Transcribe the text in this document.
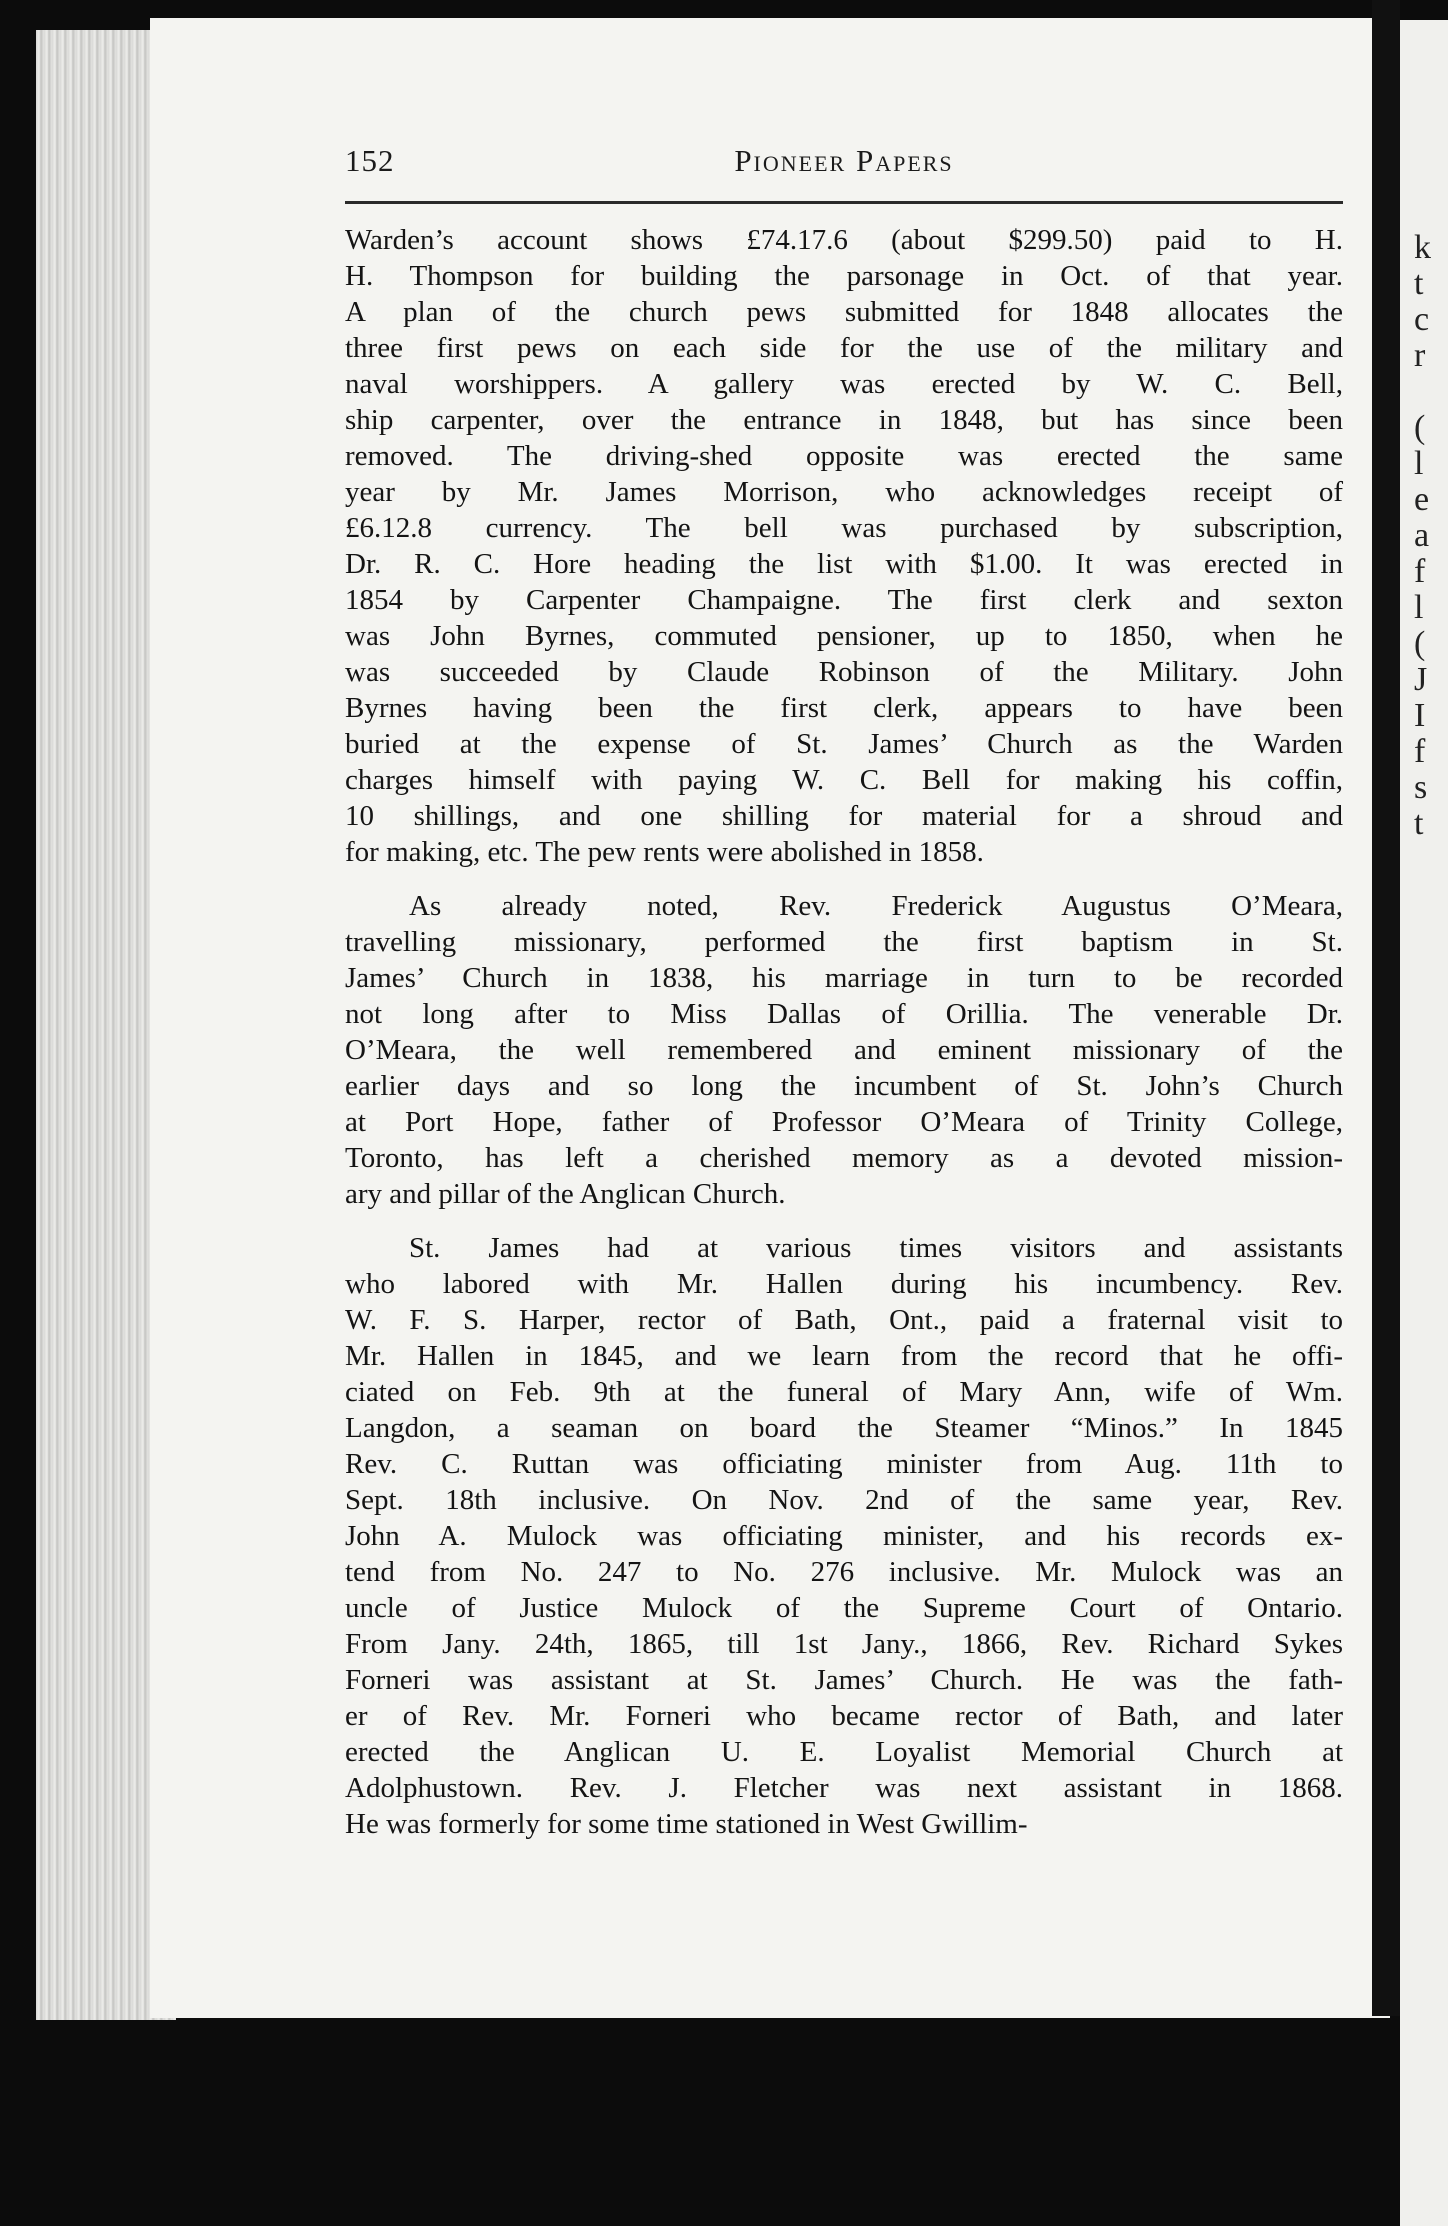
k
t
c
r

(
l
e
a
f
l
(
J
I
f
s
t
152	Pioneer Papers
Warden’s account shows £74.17.6 (about $299.50) paid to H.
H. Thompson for building the parsonage in Oct. of that year.
A plan of the church pews submitted for 1848 allocates the
three first pews on each side for the use of the military and
naval worshippers. A gallery was erected by W. C. Bell,
ship carpenter, over the entrance in 1848, but has since been
removed. The driving-shed opposite was erected the same
year by Mr. James Morrison, who acknowledges receipt of
£6.12.8 currency. The bell was purchased by subscription,
Dr. R. C. Hore heading the list with $1.00. It was erected in
1854 by Carpenter Champaigne. The first clerk and sexton
was John Byrnes, commuted pensioner, up to 1850, when he
was succeeded by Claude Robinson of the Military. John
Byrnes having been the first clerk, appears to have been
buried at the expense of St. James’ Church as the Warden
charges himself with paying W. C. Bell for making his coffin,
10 shillings, and one shilling for material for a shroud and
for making, etc. The pew rents were abolished in 1858.
As already noted, Rev. Frederick Augustus O’Meara,
travelling missionary, performed the first baptism in St.
James’ Church in 1838, his marriage in turn to be recorded
not long after to Miss Dallas of Orillia. The venerable Dr.
O’Meara, the well remembered and eminent missionary of the
earlier days and so long the incumbent of St. John’s Church
at Port Hope, father of Professor O’Meara of Trinity College,
Toronto, has left a cherished memory as a devoted mission-
ary and pillar of the Anglican Church.
St. James had at various times visitors and assistants
who labored with Mr. Hallen during his incumbency. Rev.
W. F. S. Harper, rector of Bath, Ont., paid a fraternal visit to
Mr. Hallen in 1845, and we learn from the record that he offi-
ciated on Feb. 9th at the funeral of Mary Ann, wife of Wm.
Langdon, a seaman on board the Steamer “Minos.” In 1845
Rev. C. Ruttan was officiating minister from Aug. 11th to
Sept. 18th inclusive. On Nov. 2nd of the same year, Rev.
John A. Mulock was officiating minister, and his records ex-
tend from No. 247 to No. 276 inclusive. Mr. Mulock was an
uncle of Justice Mulock of the Supreme Court of Ontario.
From Jany. 24th, 1865, till 1st Jany., 1866, Rev. Richard Sykes
Forneri was assistant at St. James’ Church. He was the fath-
er of Rev. Mr. Forneri who became rector of Bath, and later
erected the Anglican U. E. Loyalist Memorial Church at
Adolphustown. Rev. J. Fletcher was next assistant in 1868.
He was formerly for some time stationed in West Gwillim-
